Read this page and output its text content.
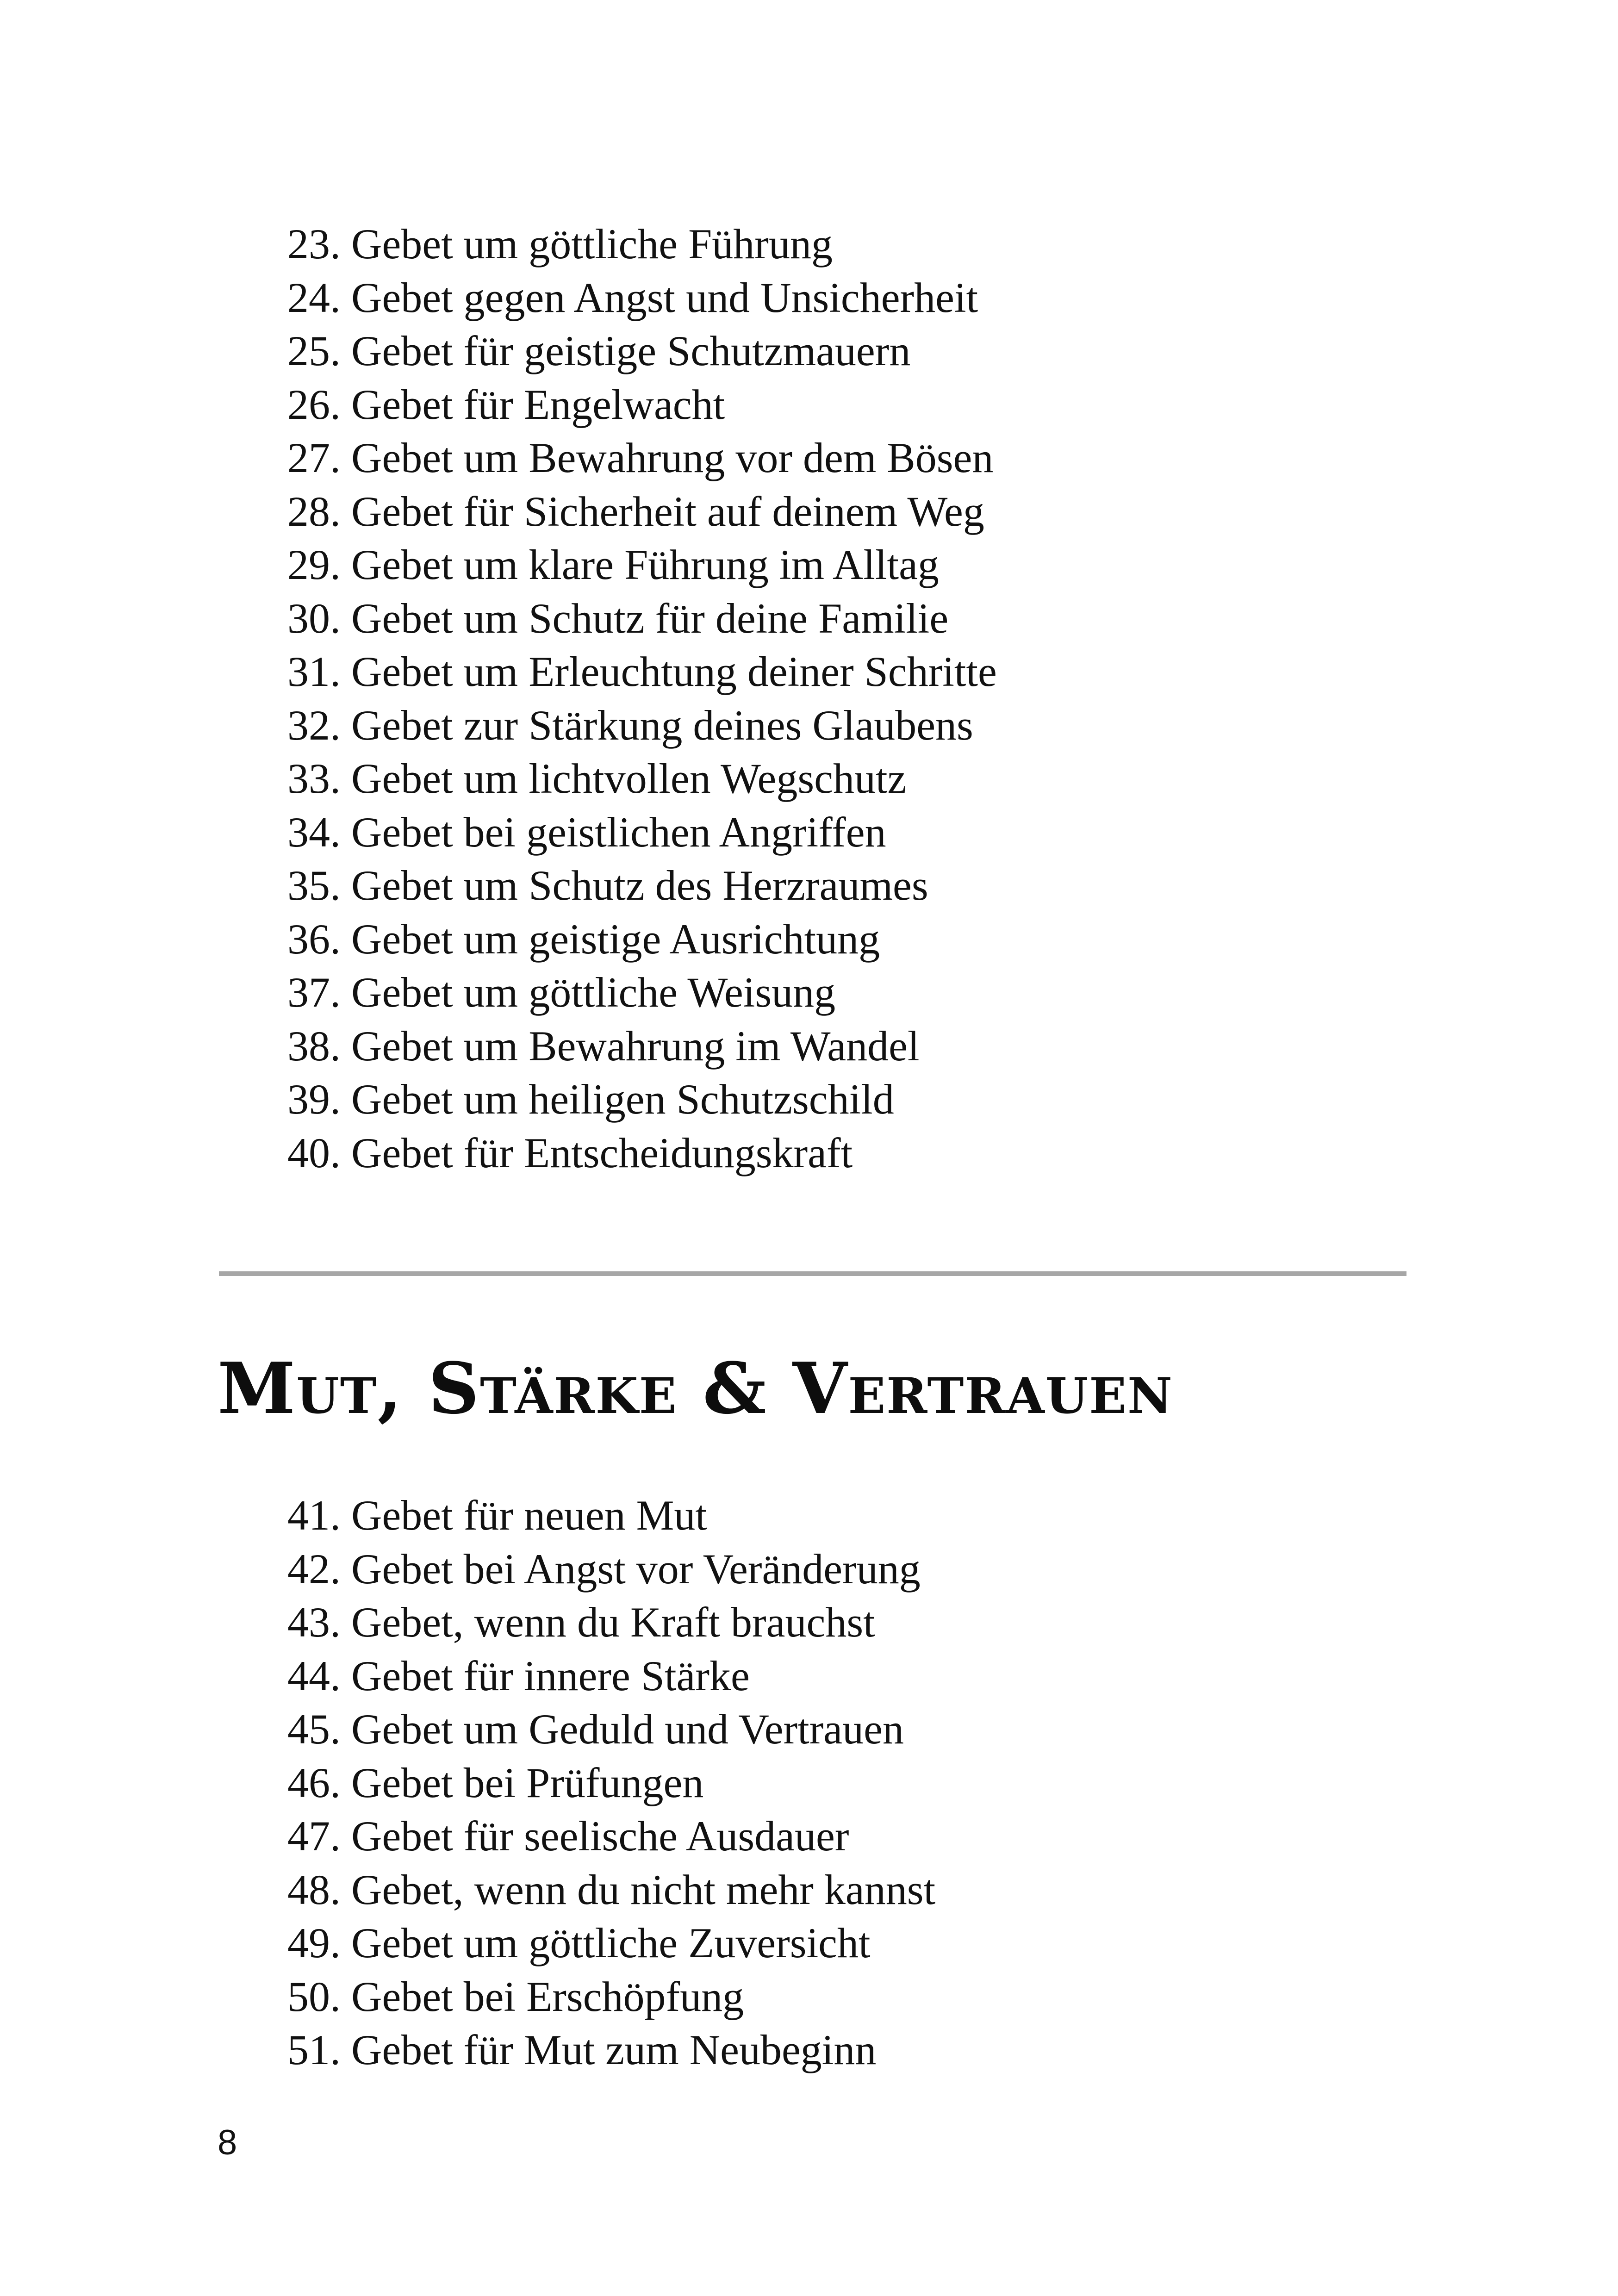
23. Gebet um göttliche Führung
24. Gebet gegen Angst und Unsicherheit
25. Gebet für geistige Schutzmauern
26. Gebet für Engelwacht
27. Gebet um Bewahrung vor dem Bösen
28. Gebet für Sicherheit auf deinem Weg
29. Gebet um klare Führung im Alltag
30. Gebet um Schutz für deine Familie
31. Gebet um Erleuchtung deiner Schritte
32. Gebet zur Stärkung deines Glaubens
33. Gebet um lichtvollen Wegschutz
34. Gebet bei geistlichen Angriffen
35. Gebet um Schutz des Herzraumes
36. Gebet um geistige Ausrichtung
37. Gebet um göttliche Weisung
38. Gebet um Bewahrung im Wandel
39. Gebet um heiligen Schutzschild
40. Gebet für Entscheidungskraft
Mut, Stärke & Vertrauen
41. Gebet für neuen Mut
42. Gebet bei Angst vor Veränderung
43. Gebet, wenn du Kraft brauchst
44. Gebet für innere Stärke
45. Gebet um Geduld und Vertrauen
46. Gebet bei Prüfungen
47. Gebet für seelische Ausdauer
48. Gebet, wenn du nicht mehr kannst
49. Gebet um göttliche Zuversicht
50. Gebet bei Erschöpfung
51. Gebet für Mut zum Neubeginn
8
